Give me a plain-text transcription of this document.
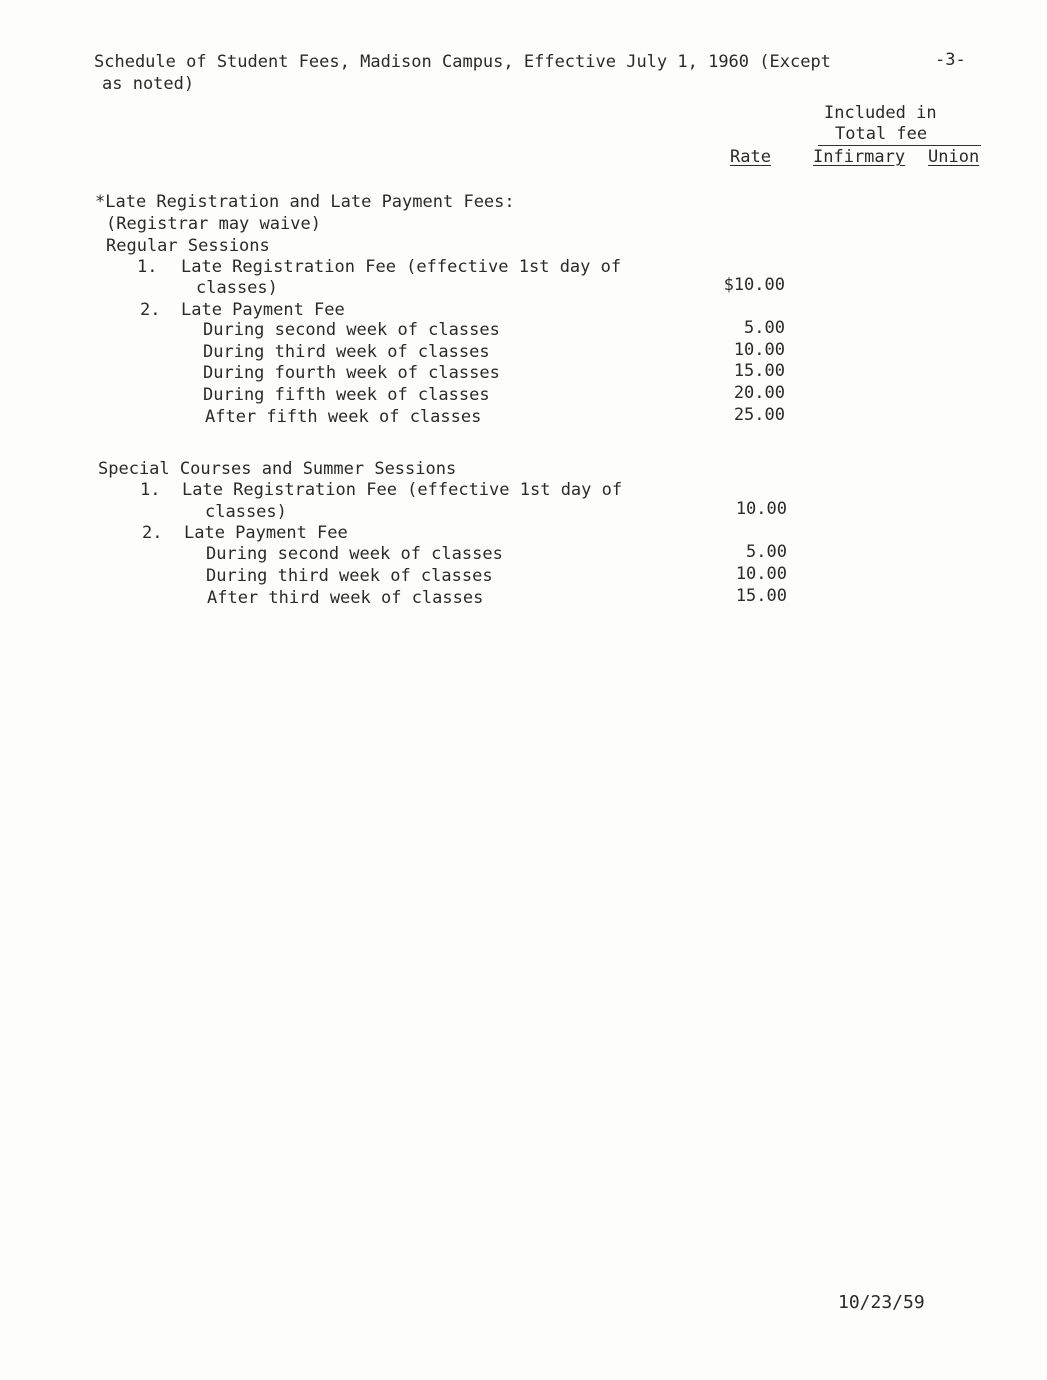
Schedule of Student Fees, Madison Campus, Effective July 1, 1960 (Except
as noted)
-3-
Included in
Total fee
Rate Infirmary Union
*Late Registration and Late Payment Fees:
(Registrar may waive)
Regular Sessions
1. Late Registration Fee (effective 1st day of
classes)	$10.00
2. Late Payment Fee
During second week of classes	5.00
During third week of classes	10.00
During fourth week of classes	15.00
During fifth week of classes	20.00
After fifth week of classes	25.00
Special Courses and Summer Sessions
1. Late Registration Fee (effective 1st day of
classes)	10.00
2. Late Payment Fee
During second week of classes	5.00
During third week of classes	10.00
After third week of classes	15.00
10/23/59
